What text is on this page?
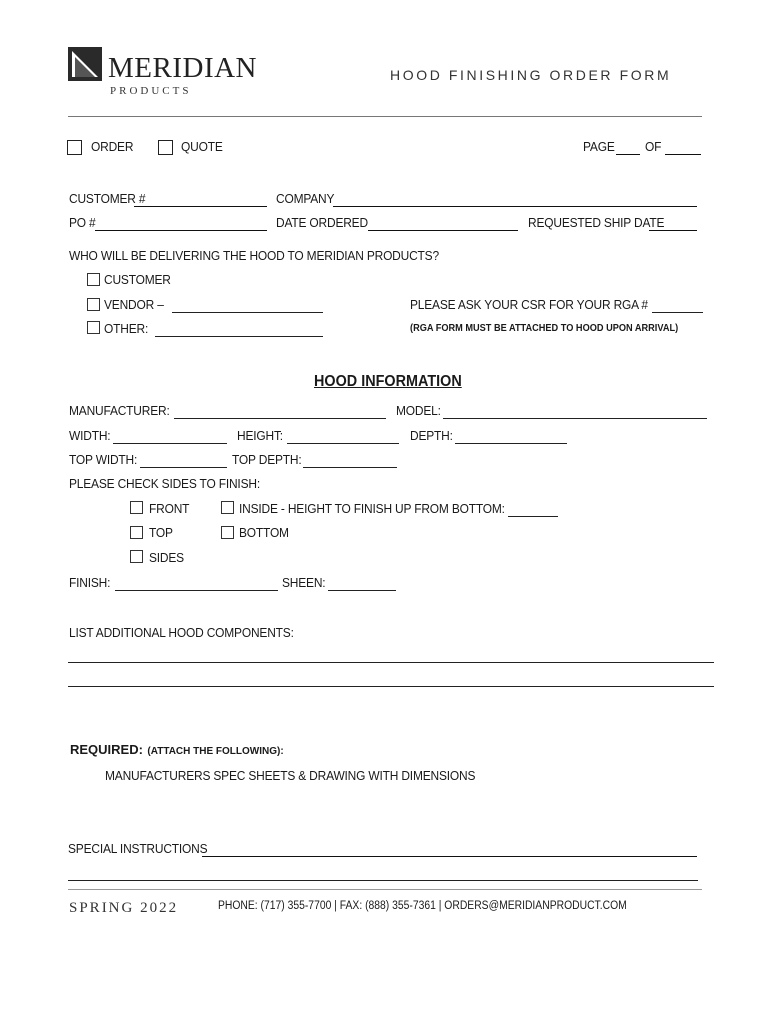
MERIDIAN
PRODUCTS
HOOD FINISHING ORDER FORM
ORDER	QUOTE	PAGE OF
CUSTOMER #	COMPANY
PO #	DATE ORDERED	REQUESTED SHIP DATE
WHO WILL BE DELIVERING THE HOOD TO MERIDIAN PRODUCTS?
CUSTOMER
VENDOR –	PLEASE ASK YOUR CSR FOR YOUR RGA #
OTHER:	(RGA FORM MUST BE ATTACHED TO HOOD UPON ARRIVAL)
HOOD INFORMATION
MANUFACTURER:	MODEL:
WIDTH:	HEIGHT:	DEPTH:
TOP WIDTH:	TOP DEPTH:
PLEASE CHECK SIDES TO FINISH:
FRONT	INSIDE - HEIGHT TO FINISH UP FROM BOTTOM:
TOP	BOTTOM
SIDES
FINISH:	SHEEN:
LIST ADDITIONAL HOOD COMPONENTS:
REQUIRED: (ATTACH THE FOLLOWING):
MANUFACTURERS SPEC SHEETS & DRAWING WITH DIMENSIONS
SPECIAL INSTRUCTIONS
SPRING 2022	PHONE: (717) 355-7700 | FAX: (888) 355-7361 | ORDERS@MERIDIANPRODUCT.COM
